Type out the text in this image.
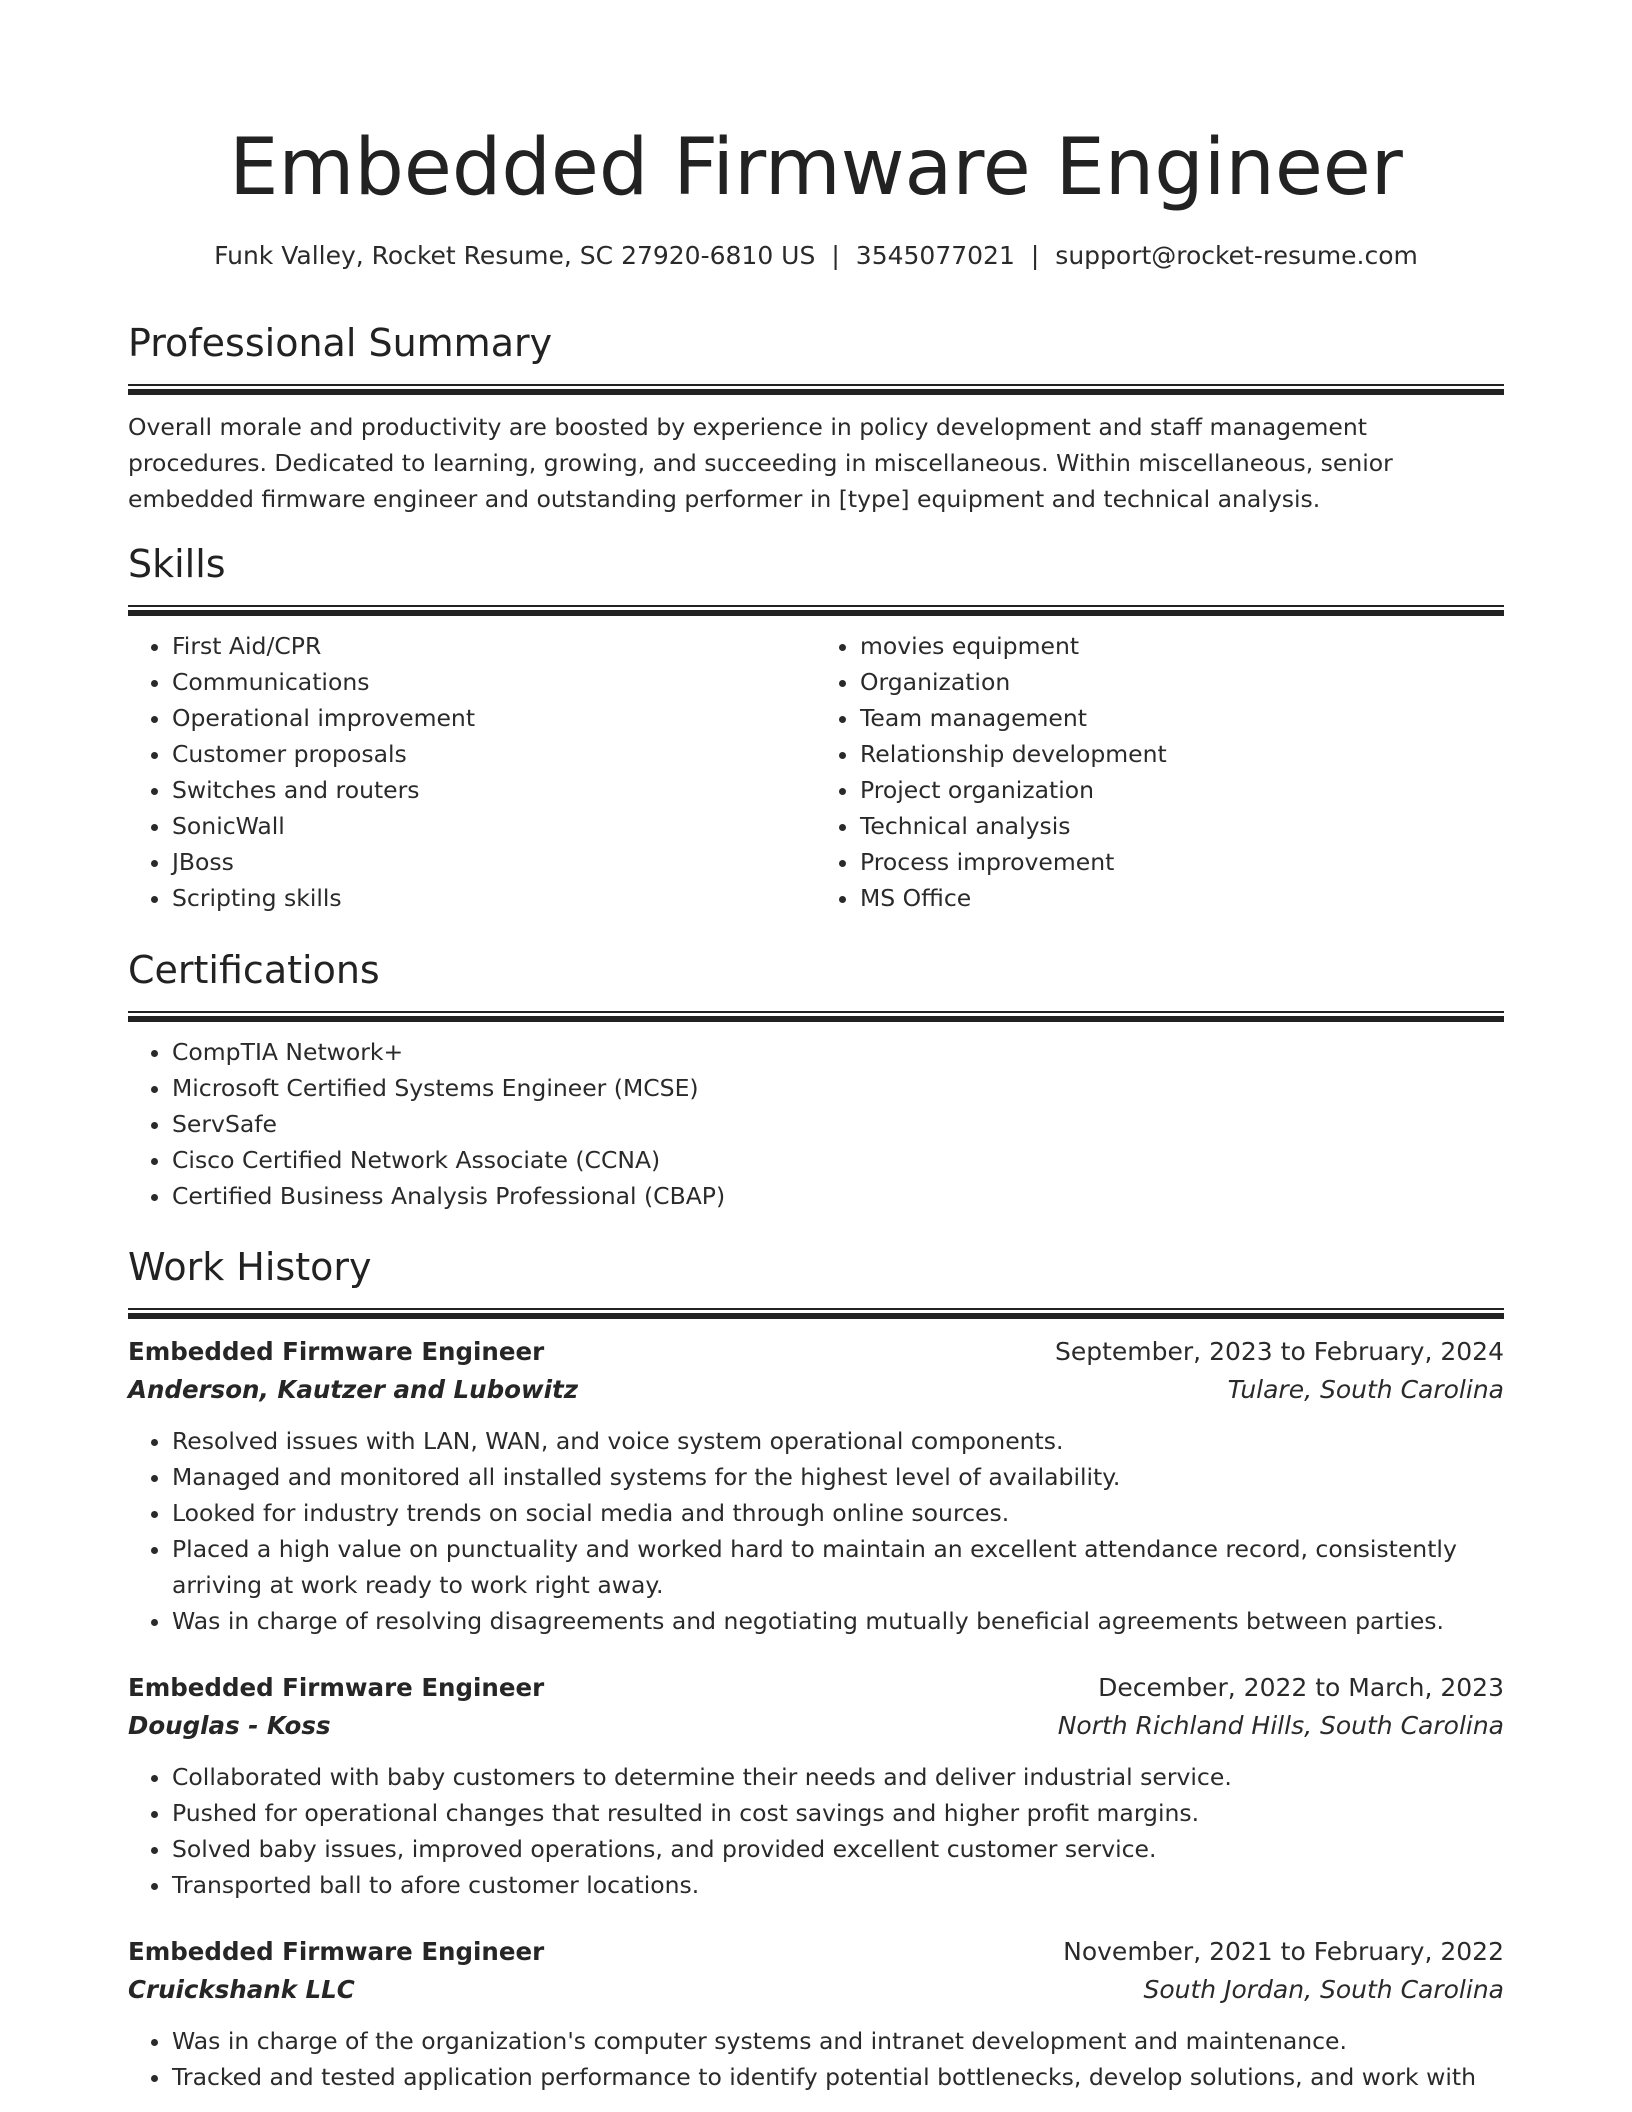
Embedded Firmware Engineer
Funk Valley, Rocket Resume, SC 27920-6810 US | 3545077021 | support@rocket-resume.com
Professional Summary

Overall morale and productivity are boosted by experience in policy development and staff management procedures. Dedicated to learning, growing, and succeeding in miscellaneous. Within miscellaneous, senior embedded firmware engineer and outstanding performer in [type] equipment and technical analysis.

Skills
• First Aid/CPR
• Communications
• Operational improvement
• Customer proposals
• Switches and routers
• SonicWall
• JBoss
• Scripting skills
• movies equipment
• Organization
• Team management
• Relationship development
• Project organization
• Technical analysis
• Process improvement
• MS Office
Certifications
• CompTIA Network+
• Microsoft Certified Systems Engineer (MCSE)
• ServSafe
• Cisco Certified Network Associate (CCNA)
• Certified Business Analysis Professional (CBAP)
Work History
Embedded Firmware Engineer	September, 2023 to February, 2024
Anderson, Kautzer and Lubowitz	Tulare, South Carolina
• Resolved issues with LAN, WAN, and voice system operational components.
• Managed and monitored all installed systems for the highest level of availability.
• Looked for industry trends on social media and through online sources.
• Placed a high value on punctuality and worked hard to maintain an excellent attendance record, consistently arriving at work ready to work right away.
• Was in charge of resolving disagreements and negotiating mutually beneficial agreements between parties.
Embedded Firmware Engineer	December, 2022 to March, 2023
Douglas - Koss	North Richland Hills, South Carolina
• Collaborated with baby customers to determine their needs and deliver industrial service.
• Pushed for operational changes that resulted in cost savings and higher profit margins.
• Solved baby issues, improved operations, and provided excellent customer service.
• Transported ball to afore customer locations.
Embedded Firmware Engineer	November, 2021 to February, 2022
Cruickshank LLC	South Jordan, South Carolina
• Was in charge of the organization's computer systems and intranet development and maintenance.
• Tracked and tested application performance to identify potential bottlenecks, develop solutions, and work with
